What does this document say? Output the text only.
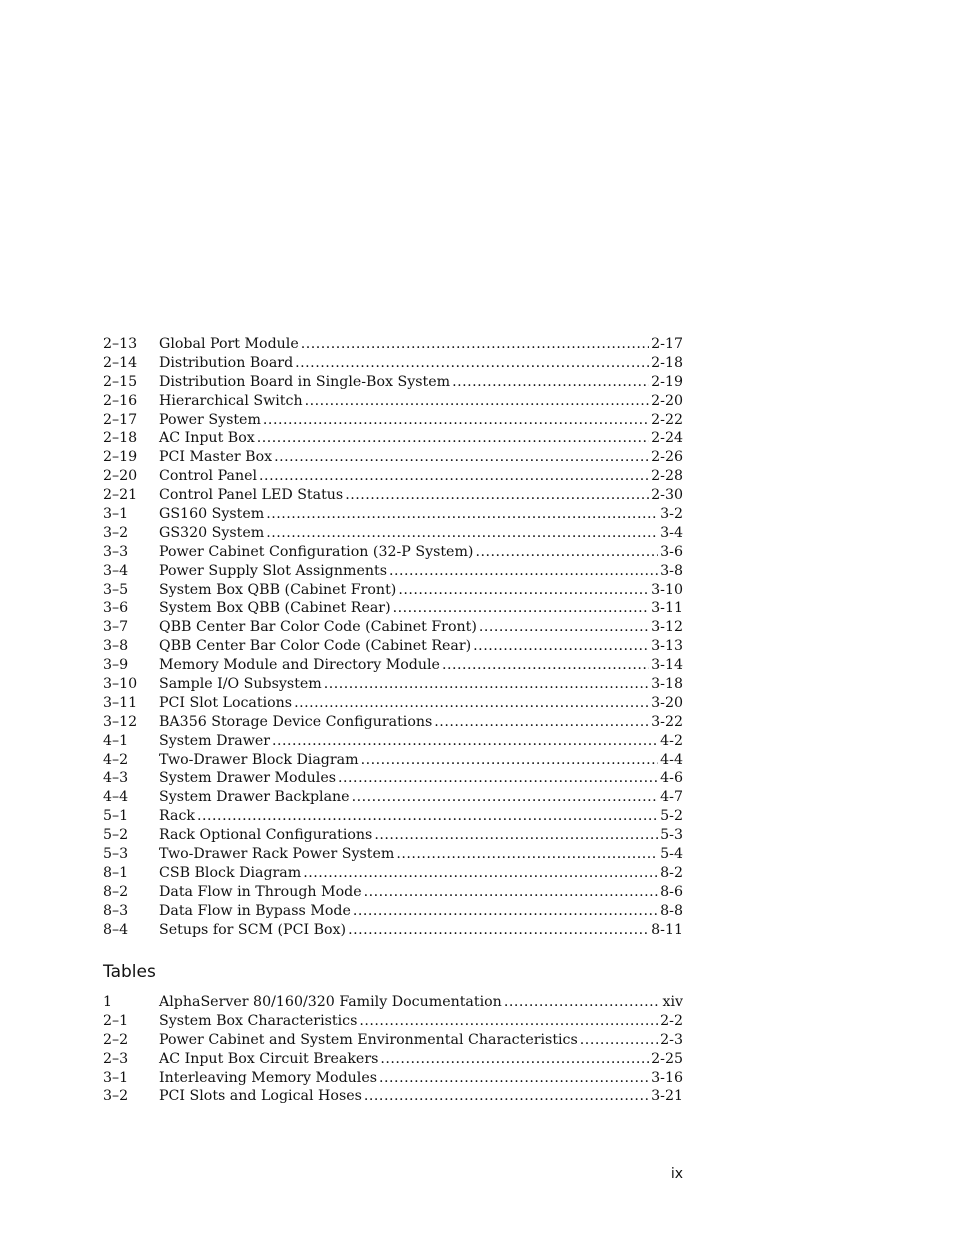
2–13	Global Port Module .....	2-17
2–14	Distribution Board .....	2-18
2–15	Distribution Board in Single-Box System .....	2-19
2–16	Hierarchical Switch .....	2-20
2–17	Power System .....	2-22
2–18	AC Input Box .....	2-24
2–19	PCI Master Box .....	2-26
2–20	Control Panel .....	2-28
2–21	Control Panel LED Status .....	2-30
3–1	GS160 System .....	3-2
3–2	GS320 System .....	3-4
3–3	Power Cabinet Configuration (32-P System) .....	3-6
3–4	Power Supply Slot Assignments .....	3-8
3–5	System Box QBB (Cabinet Front) .....	3-10
3–6	System Box QBB (Cabinet Rear) .....	3-11
3–7	QBB Center Bar Color Code (Cabinet Front) .....	3-12
3–8	QBB Center Bar Color Code (Cabinet Rear) .....	3-13
3–9	Memory Module and Directory Module .....	3-14
3–10	Sample I/O Subsystem .....	3-18
3–11	PCI Slot Locations .....	3-20
3–12	BA356 Storage Device Configurations .....	3-22
4–1	System Drawer .....	4-2
4–2	Two-Drawer Block Diagram .....	4-4
4–3	System Drawer Modules .....	4-6
4–4	System Drawer Backplane .....	4-7
5–1	Rack .....	5-2
5–2	Rack Optional Configurations .....	5-3
5–3	Two-Drawer Rack Power System .....	5-4
8–1	CSB Block Diagram .....	8-2
8–2	Data Flow in Through Mode .....	8-6
8–3	Data Flow in Bypass Mode .....	8-8
8–4	Setups for SCM (PCI Box) .....	8-11
Tables
1	AlphaServer 80/160/320 Family Documentation .....	xiv
2–1	System Box Characteristics .....	2-2
2–2	Power Cabinet and System Environmental Characteristics .....	2-3
2–3	AC Input Box Circuit Breakers .....	2-25
3–1	Interleaving Memory Modules .....	3-16
3–2	PCI Slots and Logical Hoses .....	3-21
ix
